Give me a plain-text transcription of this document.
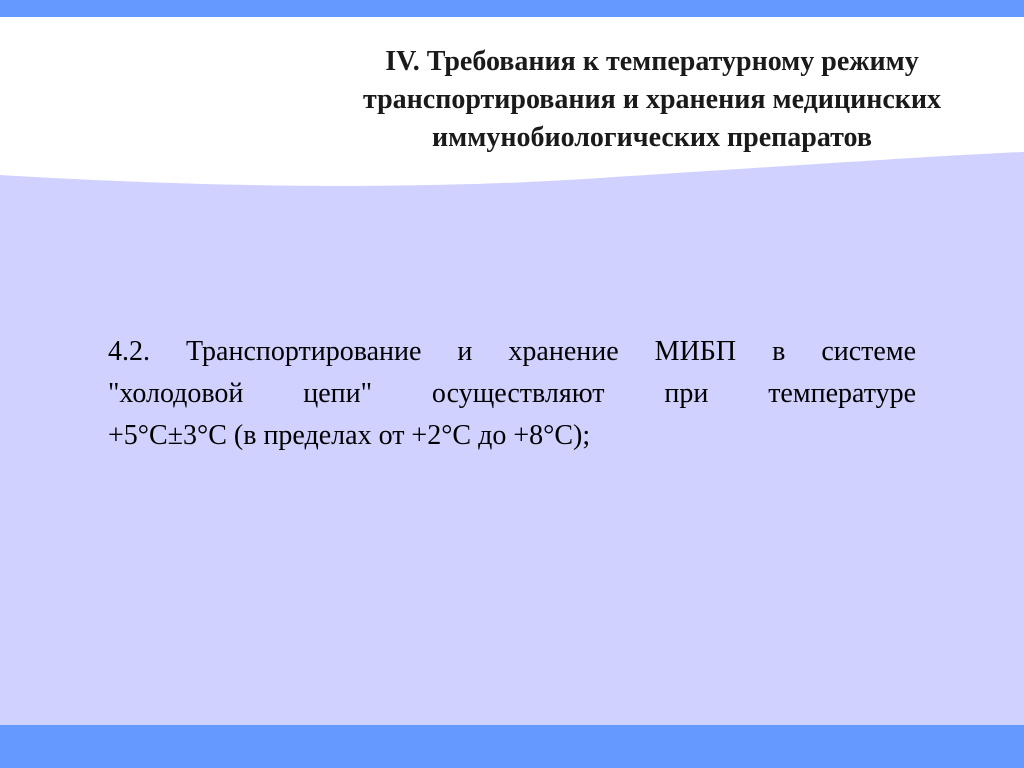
IV. Требования к температурному режиму
транспортирования и хранения медицинских
иммунобиологических препаратов
4.2. Транспортирование и хранение МИБП в системе
"холодовой цепи" осуществляют при температуре
+5°C±3°C (в пределах от +2°C до +8°C);
